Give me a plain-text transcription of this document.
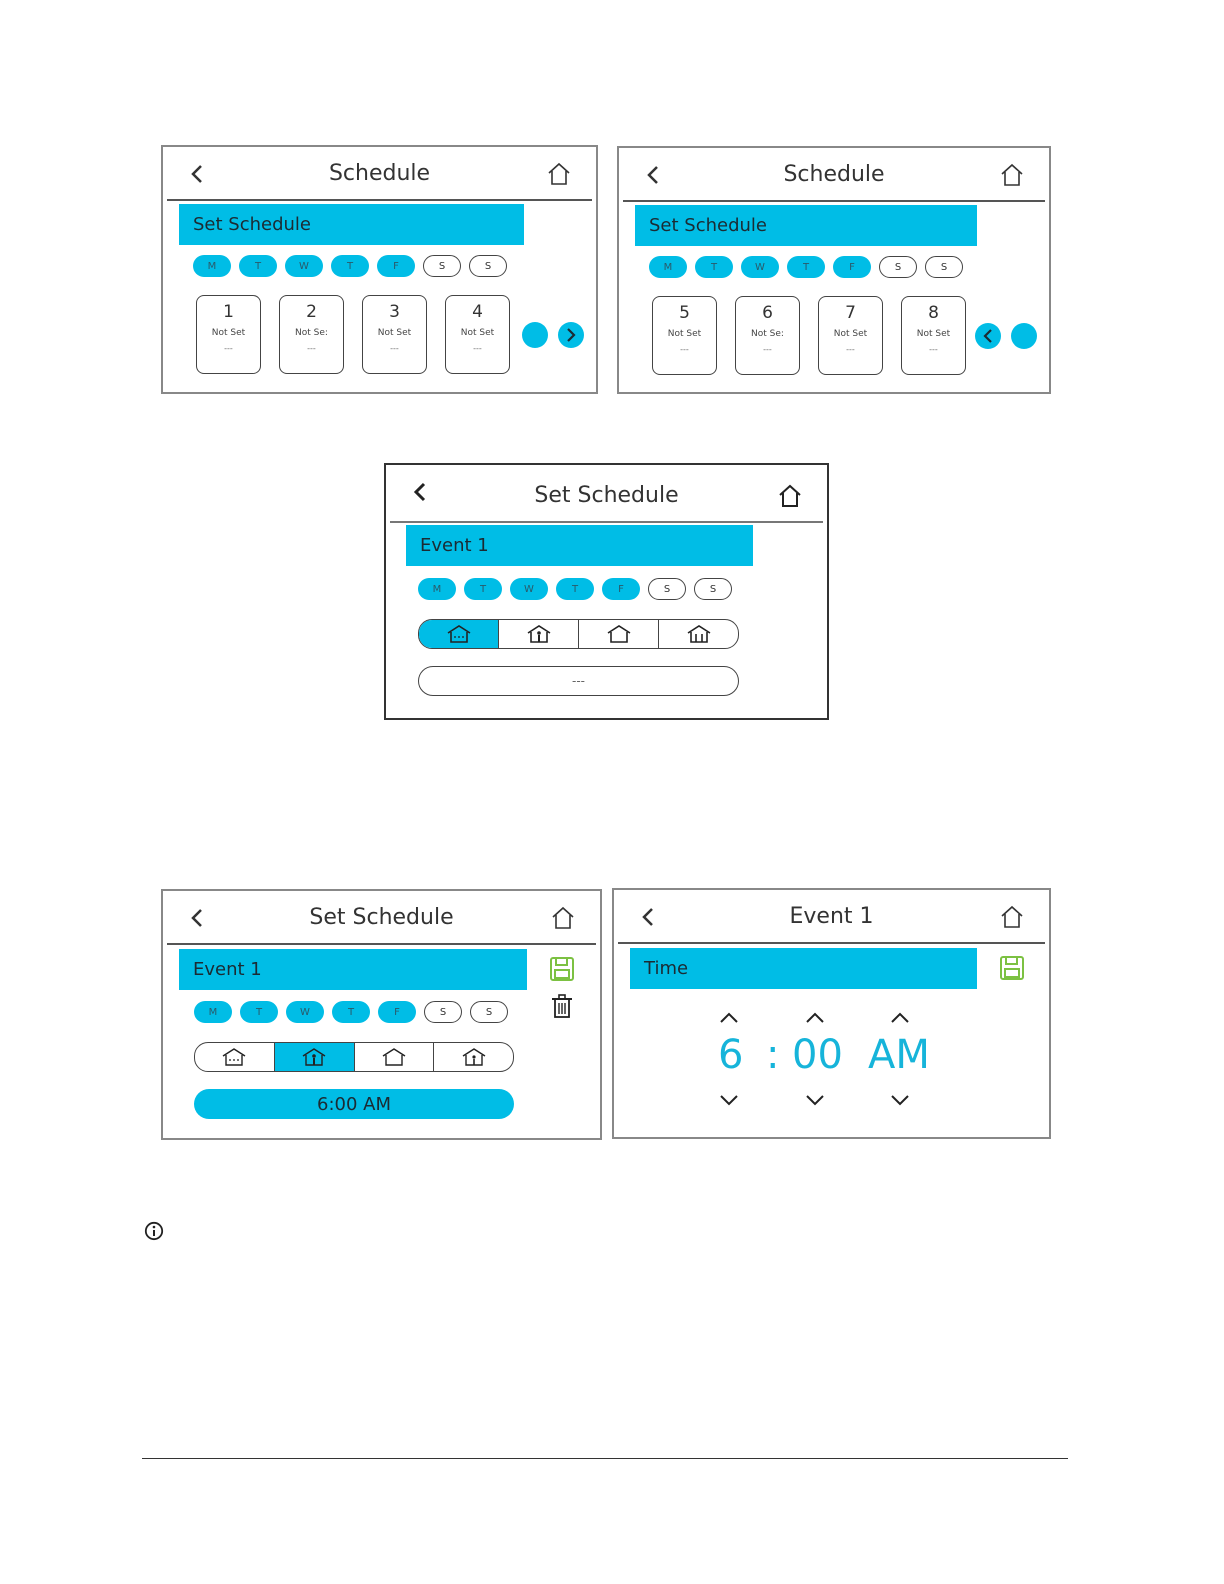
Schedule
Set Schedule
M	T	W	T	F	S	S
1
Not Set
---
2
Not Se:
---
3
Not Set
---
4
Not Set
---
Schedule
Set Schedule
M	T	W	T	F	S	S
5
Not Set
---
6
Not Se:
---
7
Not Set
---
8
Not Set
---
Set Schedule
Event 1
M	T	W	T	F	S	S
---
Set Schedule
Event 1
M	T	W	T	F	S	S
6:00 AM
Event 1
Time
6 : 00 AM
